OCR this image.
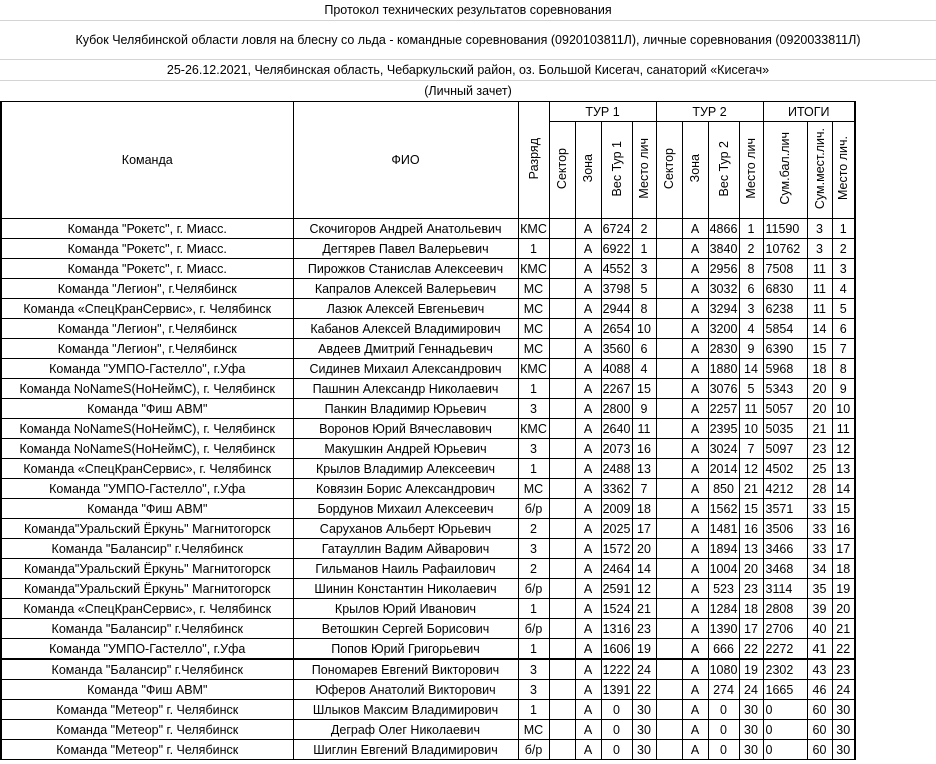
Протокол технических результатов соревнования
Кубок Челябинской области ловля на блесну со льда - командные соревнования (0920103811Л), личные соревнования (0920033811Л)
25-26.12.2021, Челябинская область, Чебаркульский район, оз. Большой Кисегач, санаторий «Кисегач»
(Личный зачет)
Команда	ФИО	Разряд	ТУР 1				ТУР 2				ИТОГИ		
			Сектор	Зона	Вес Тур 1	Место лич	Сектор	Зона	Вес Тур 2	Место лич	Сум.бал.лич	Сум.мест.лич.	Место лич.
Команда "Рокетс", г. Миасс.	Скочигоров Андрей Анатольевич	КМС		А	6724	2		А	4866	1	11590	3	1
Команда "Рокетс", г. Миасс.	Дегтярев Павел Валерьевич	1		А	6922	1		А	3840	2	10762	3	2
Команда "Рокетс", г. Миасс.	Пирожков Станислав Алексеевич	КМС		А	4552	3		А	2956	8	7508	11	3
Команда "Легион", г.Челябинск	Капралов Алексей Валерьевич	МС		А	3798	5		А	3032	6	6830	11	4
Команда «СпецКранСервис», г. Челябинск	Лазюк Алексей Евгеньевич	МС		А	2944	8		А	3294	3	6238	11	5
Команда "Легион", г.Челябинск	Кабанов Алексей Владимирович	МС		А	2654	10		А	3200	4	5854	14	6
Команда "Легион", г.Челябинск	Авдеев Дмитрий Геннадьевич	МС		А	3560	6		А	2830	9	6390	15	7
Команда "УМПО-Гастелло", г.Уфа	Сидинев Михаил Александрович	КМС		А	4088	4		А	1880	14	5968	18	8
Команда NoNameS(НоНеймС), г. Челябинск	Пашнин Александр Николаевич	1		А	2267	15		А	3076	5	5343	20	9
Команда "Фиш АВМ"	Панкин Владимир Юрьевич	3		А	2800	9		А	2257	11	5057	20	10
Команда NoNameS(НоНеймС), г. Челябинск	Воронов Юрий Вячеславович	КМС		А	2640	11		А	2395	10	5035	21	11
Команда NoNameS(НоНеймС), г. Челябинск	Макушкин Андрей Юрьевич	3		А	2073	16		А	3024	7	5097	23	12
Команда «СпецКранСервис», г. Челябинск	Крылов Владимир Алексеевич	1		А	2488	13		А	2014	12	4502	25	13
Команда "УМПО-Гастелло", г.Уфа	Ковязин Борис Александрович	МС		А	3362	7		А	850	21	4212	28	14
Команда "Фиш АВМ"	Бордунов Михаил Алексеевич	б/р		А	2009	18		А	1562	15	3571	33	15
Команда"Уральский Ёркунь" Магнитогорск	Саруханов Альберт Юрьевич	2		А	2025	17		А	1481	16	3506	33	16
Команда "Балансир" г.Челябинск	Гатауллин Вадим Айварович	3		А	1572	20		А	1894	13	3466	33	17
Команда"Уральский Ёркунь" Магнитогорск	Гильманов Наиль Рафаилович	2		А	2464	14		А	1004	20	3468	34	18
Команда"Уральский Ёркунь" Магнитогорск	Шинин Константин Николаевич	б/р		А	2591	12		А	523	23	3114	35	19
Команда «СпецКранСервис», г. Челябинск	Крылов Юрий Иванович	1		А	1524	21		А	1284	18	2808	39	20
Команда "Балансир" г.Челябинск	Ветошкин Сергей Борисович	б/р		А	1316	23		А	1390	17	2706	40	21
Команда "УМПО-Гастелло", г.Уфа	Попов Юрий Григорьевич	1		А	1606	19		А	666	22	2272	41	22
Команда "Балансир" г.Челябинск	Пономарев Евгений Викторович	3		А	1222	24		А	1080	19	2302	43	23
Команда "Фиш АВМ"	Юферов Анатолий Викторович	3		А	1391	22		А	274	24	1665	46	24
Команда "Метеор" г. Челябинск	Шлыков Максим Владимирович	1		А	0	30		А	0	30	0	60	30
Команда "Метеор" г. Челябинск	Деграф Олег Николаевич	МС		А	0	30		А	0	30	0	60	30
Команда "Метеор" г. Челябинск	Шиглин Евгений Владимирович	б/р		А	0	30		А	0	30	0	60	30
